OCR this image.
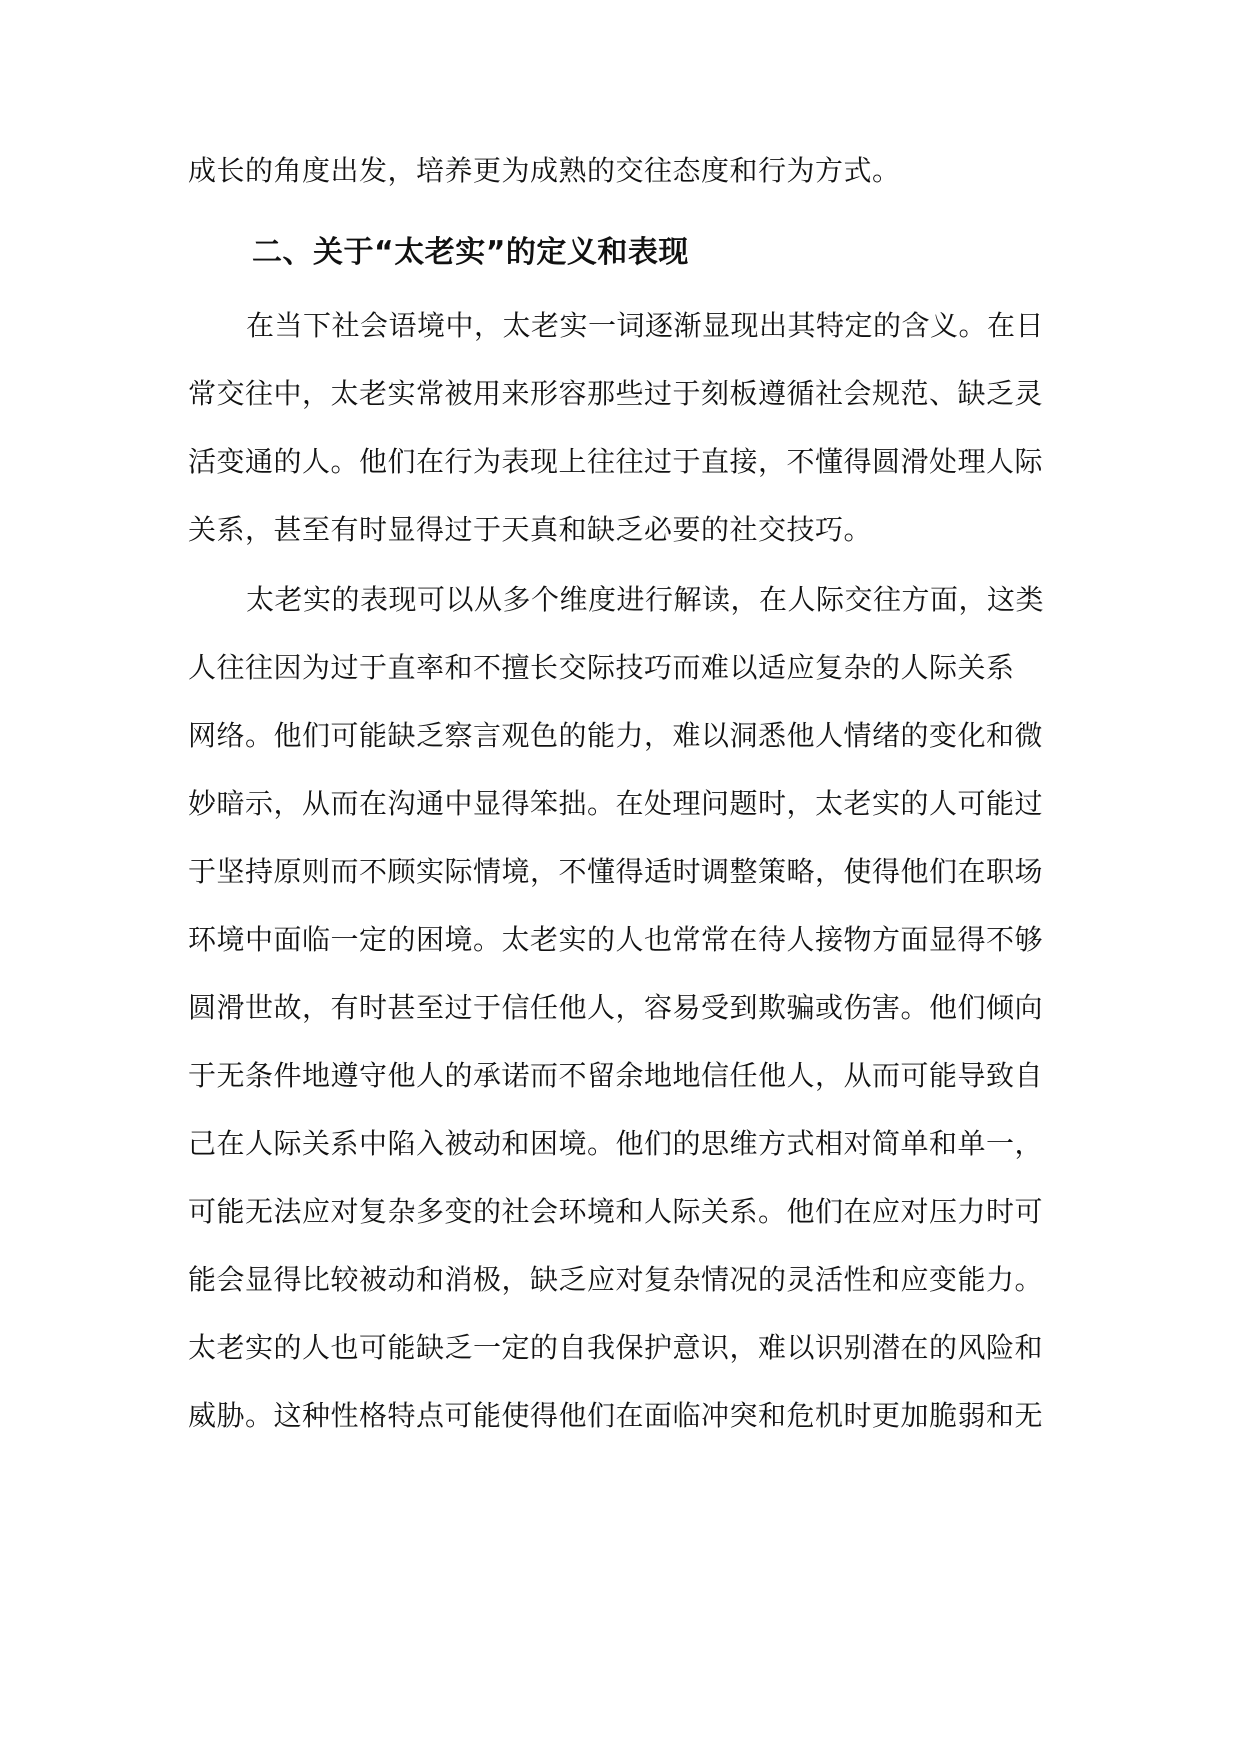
成长的角度出发，培养更为成熟的交往态度和行为方式。
二、关于“太老实”的定义和表现
在当下社会语境中，太老实一词逐渐显现出其特定的含义。在日
常交往中，太老实常被用来形容那些过于刻板遵循社会规范、缺乏灵
活变通的人。他们在行为表现上往往过于直接，不懂得圆滑处理人际
关系，甚至有时显得过于天真和缺乏必要的社交技巧。
太老实的表现可以从多个维度进行解读，在人际交往方面，这类
人往往因为过于直率和不擅长交际技巧而难以适应复杂的人际关系
网络。他们可能缺乏察言观色的能力，难以洞悉他人情绪的变化和微
妙暗示，从而在沟通中显得笨拙。在处理问题时，太老实的人可能过
于坚持原则而不顾实际情境，不懂得适时调整策略，使得他们在职场
环境中面临一定的困境。太老实的人也常常在待人接物方面显得不够
圆滑世故，有时甚至过于信任他人，容易受到欺骗或伤害。他们倾向
于无条件地遵守他人的承诺而不留余地地信任他人，从而可能导致自
己在人际关系中陷入被动和困境。他们的思维方式相对简单和单一，
可能无法应对复杂多变的社会环境和人际关系。他们在应对压力时可
能会显得比较被动和消极，缺乏应对复杂情况的灵活性和应变能力。
太老实的人也可能缺乏一定的自我保护意识，难以识别潜在的风险和
威胁。这种性格特点可能使得他们在面临冲突和危机时更加脆弱和无
